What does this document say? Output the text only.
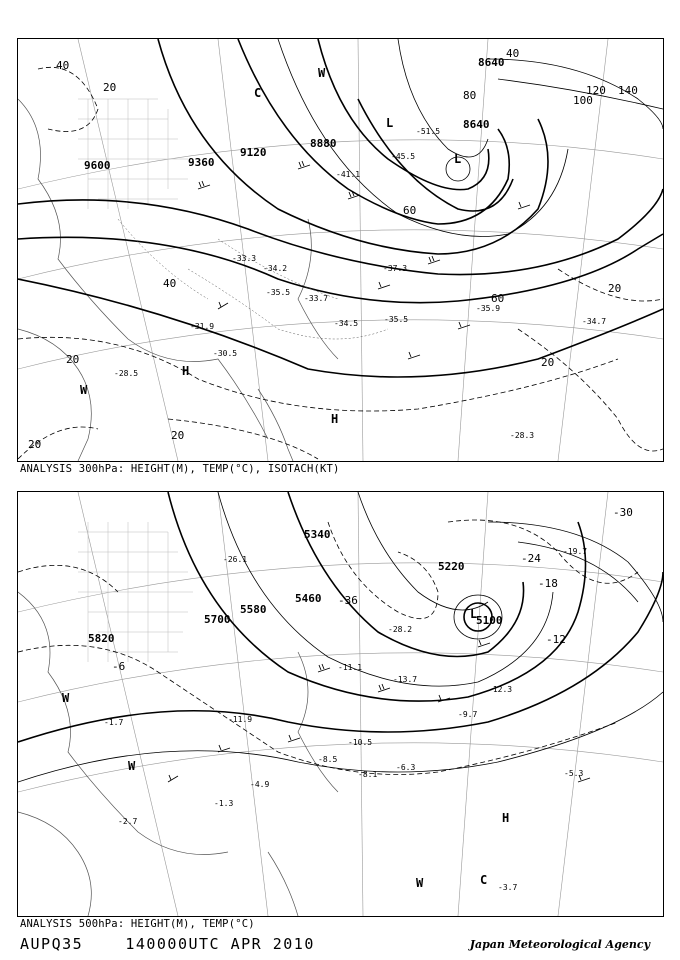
9600	9360
9120
8880
8640
8640
40
20
40
20
20
20
20
60
20
40
100
120 140
80
60
-33.7
-34.5	-35.5
-33.3
-34.2
-35.5
-37.3
-35.9
-34.7
-28.3
-28.5
-30.5
-31.9
-51.5
-45.5
-41.1
H
H
L
L
W
C
W
ANALYSIS 300hPa: HEIGHT(M), TEMP(°C), ISOTACH(KT)
5820
5700
5580
5340
5220
5100
5460
-6
-36
-24
-18
-12
-30
-26.1
-28.2
-19.7
-11.1
-13.7
-9.7
-10.5
-6.3
-5.3
-3.7
-1.3
-2.7
-1.7
-4.9
-8.5
-8.1
-11.9
-12.3
H
L
C
W
W
W
ANALYSIS 500hPa: HEIGHT(M), TEMP(°C)
AUPQ35	140000UTC APR 2010	Japan Meteorological Agency
